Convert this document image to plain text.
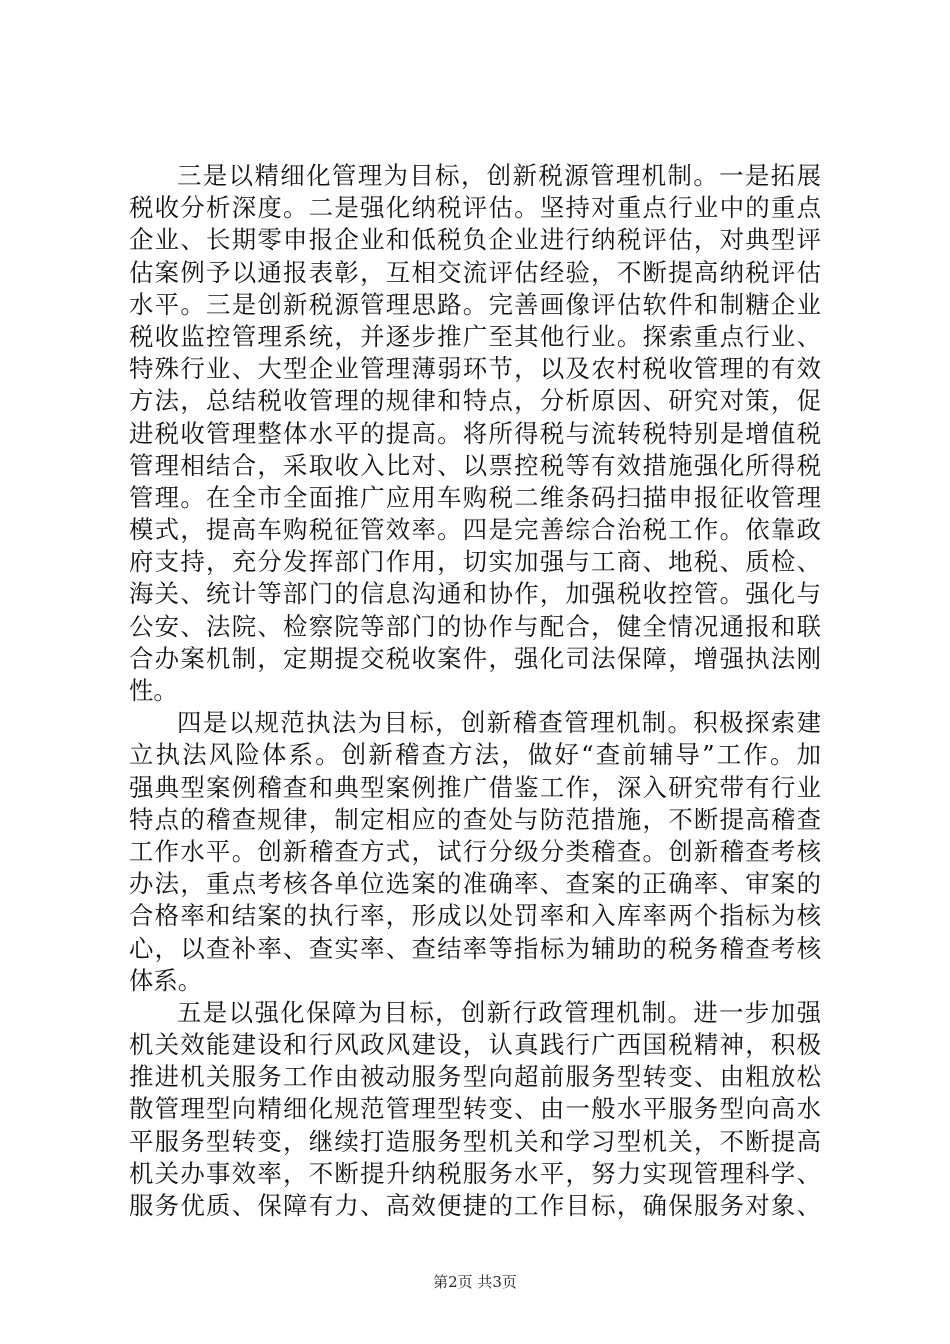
三是以精细化管理为目标，创新税源管理机制。一是拓展
税收分析深度。二是强化纳税评估。坚持对重点行业中的重点
企业、长期零申报企业和低税负企业进行纳税评估，对典型评
估案例予以通报表彰，互相交流评估经验，不断提高纳税评估
水平。三是创新税源管理思路。完善画像评估软件和制糖企业
税收监控管理系统，并逐步推广至其他行业。探索重点行业、
特殊行业、大型企业管理薄弱环节，以及农村税收管理的有效
方法，总结税收管理的规律和特点，分析原因、研究对策，促
进税收管理整体水平的提高。将所得税与流转税特别是增值税
管理相结合，采取收入比对、以票控税等有效措施强化所得税
管理。在全市全面推广应用车购税二维条码扫描申报征收管理
模式，提高车购税征管效率。四是完善综合治税工作。依靠政
府支持，充分发挥部门作用，切实加强与工商、地税、质检、
海关、统计等部门的信息沟通和协作，加强税收控管。强化与
公安、法院、检察院等部门的协作与配合，健全情况通报和联
合办案机制，定期提交税收案件，强化司法保障，增强执法刚
性。
四是以规范执法为目标，创新稽查管理机制。积极探索建
立执法风险体系。创新稽查方法，做好“查前辅导”工作。加
强典型案例稽查和典型案例推广借鉴工作，深入研究带有行业
特点的稽查规律，制定相应的查处与防范措施，不断提高稽查
工作水平。创新稽查方式，试行分级分类稽查。创新稽查考核
办法，重点考核各单位选案的准确率、查案的正确率、审案的
合格率和结案的执行率，形成以处罚率和入库率两个指标为核
心，以查补率、查实率、查结率等指标为辅助的税务稽查考核
体系。
五是以强化保障为目标，创新行政管理机制。进一步加强
机关效能建设和行风政风建设，认真践行广西国税精神，积极
推进机关服务工作由被动服务型向超前服务型转变、由粗放松
散管理型向精细化规范管理型转变、由一般水平服务型向高水
平服务型转变，继续打造服务型机关和学习型机关，不断提高
机关办事效率，不断提升纳税服务水平，努力实现管理科学、
服务优质、保障有力、高效便捷的工作目标，确保服务对象、
第2页 共3页
